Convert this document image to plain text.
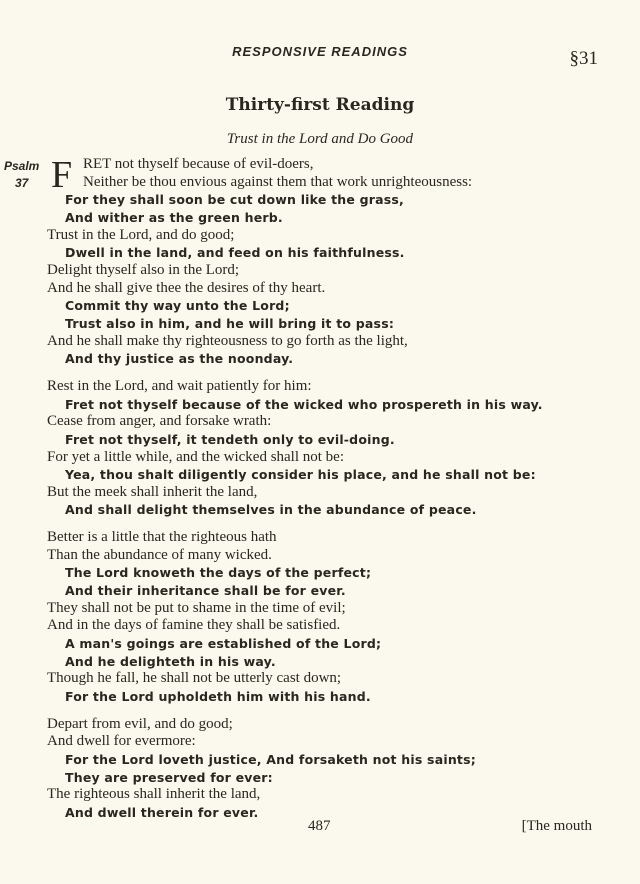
RESPONSIVE READINGS	§31
Thirty-first Reading
Trust in the Lord and Do Good
Psalm
37 F RET not thyself because of evil-doers,
Neither be thou envious against them that work unrighteousness:
For they shall soon be cut down like the grass,
And wither as the green herb.
Trust in the Lord, and do good;
Dwell in the land, and feed on his faithfulness.
Delight thyself also in the Lord;
And he shall give thee the desires of thy heart.
Commit thy way unto the Lord;
Trust also in him, and he will bring it to pass:
And he shall make thy righteousness to go forth as the light,
And thy justice as the noonday.
Rest in the Lord, and wait patiently for him:
Fret not thyself because of the wicked who prospereth in his way.
Cease from anger, and forsake wrath:
Fret not thyself, it tendeth only to evil-doing.
For yet a little while, and the wicked shall not be:
Yea, thou shalt diligently consider his place, and he shall not be:
But the meek shall inherit the land,
And shall delight themselves in the abundance of peace.
Better is a little that the righteous hath
Than the abundance of many wicked.
The Lord knoweth the days of the perfect;
And their inheritance shall be for ever.
They shall not be put to shame in the time of evil;
And in the days of famine they shall be satisfied.
A man's goings are established of the Lord;
And he delighteth in his way.
Though he fall, he shall not be utterly cast down;
For the Lord upholdeth him with his hand.
Depart from evil, and do good;
And dwell for evermore:
For the Lord loveth justice, And forsaketh not his saints;
They are preserved for ever:
The righteous shall inherit the land,
And dwell therein for ever.
487	[The mouth
